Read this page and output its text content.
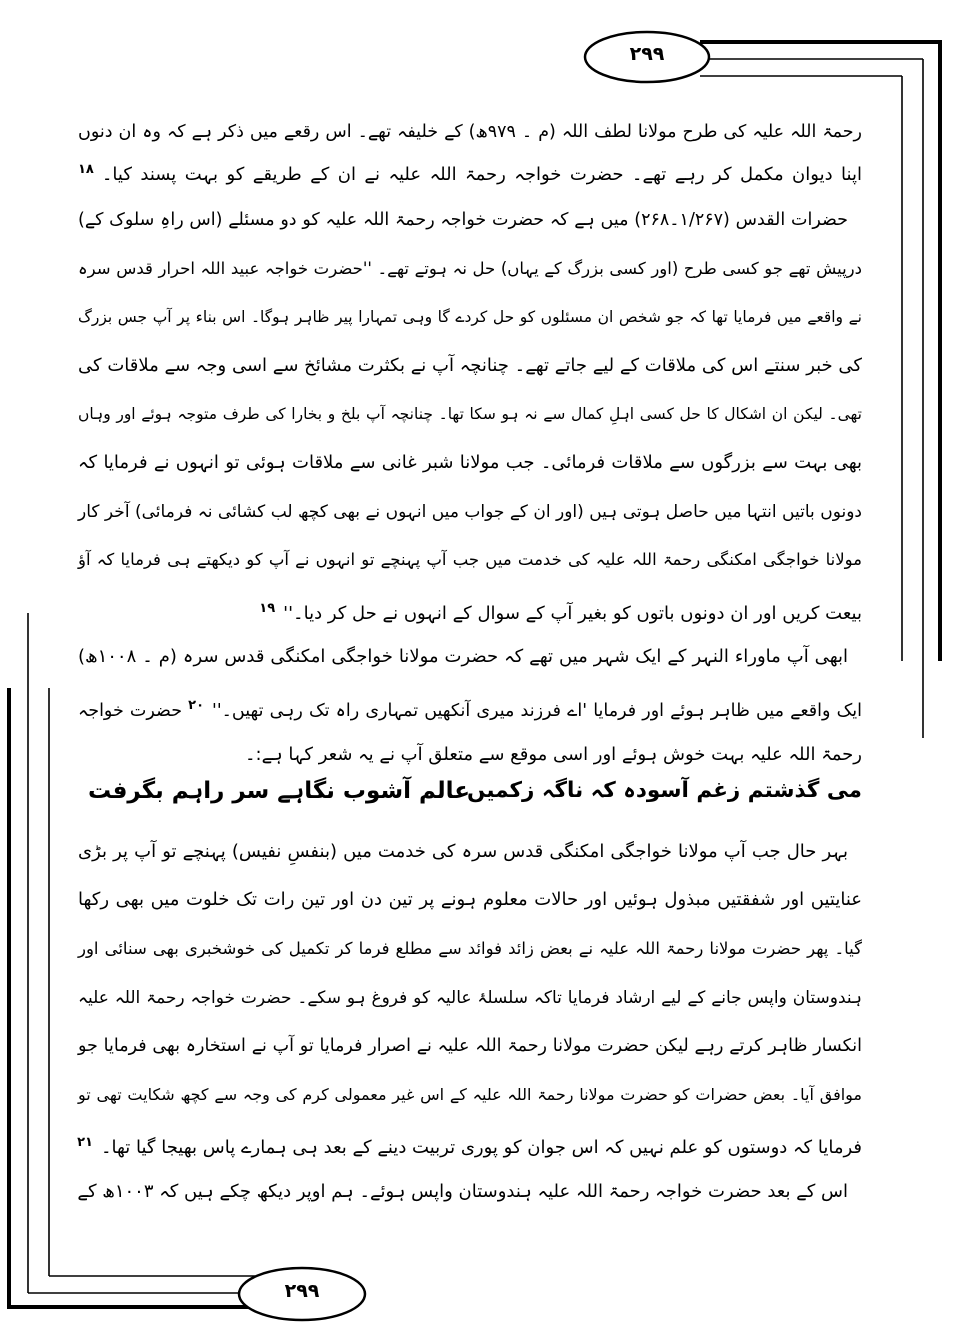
۲۹۹
۲۹۹
رحمۃ اللہ علیہ کی طرح مولانا لطف اللہ (م ۔ ۹۷۹ھ) کے خلیفہ تھے۔ اس رقعے میں ذکر ہے کہ وہ ان دنوں
اپنا دیوان مکمل کر رہے تھے۔ حضرت خواجہ رحمۃ اللہ علیہ نے ان کے طریقے کو بہت پسند کیا۔$^{۱۸}$
حضرات القدس (۱/۲۶۷۔۲۶۸) میں ہے کہ حضرت خواجہ رحمۃ اللہ علیہ کو دو مسئلے (اس راہِ سلوک کے)
درپیش تھے جو کسی طرح (اور کسی بزرگ کے یہاں) حل نہ ہوتے تھے۔ ''حضرت خواجہ عبید اللہ احرار قدس سرہ
نے واقعے میں فرمایا تھا کہ جو شخص ان مسئلوں کو حل کردے گا وہی تمہارا پیر ظاہر ہوگا۔ اس بناء پر آپ جس بزرگ
کی خبر سنتے اس کی ملاقات کے لیے جاتے تھے۔ چنانچہ آپ نے بکثرت مشائخ سے اسی وجہ سے ملاقات کی
تھی۔ لیکن ان اشکال کا حل کسی اہلِ کمال سے نہ ہو سکا تھا۔ چنانچہ آپ بلخ و بخارا کی طرف متوجہ ہوئے اور وہاں
بھی بہت سے بزرگوں سے ملاقات فرمائی۔ جب مولانا شبر غانی سے ملاقات ہوئی تو انہوں نے فرمایا کہ
دونوں باتیں انتہا میں حاصل ہوتی ہیں (اور ان کے جواب میں انہوں نے بھی کچھ لب کشائی نہ فرمائی) آخر کار
مولانا خواجگی امکنگی رحمۃ اللہ علیہ کی خدمت میں جب آپ پہنچے تو انہوں نے آپ کو دیکھتے ہی فرمایا کہ آؤ
بیعت کریں اور ان دونوں باتوں کو بغیر آپ کے سوال کے انہوں نے حل کر دیا۔''$^{۱۹}$
ابھی آپ ماوراء النہر کے ایک شہر میں تھے کہ حضرت مولانا خواجگی امکنگی قدس سرہ (م ۔ ۱۰۰۸ھ)
ایک واقعے میں ظاہر ہوئے اور فرمایا 'اے فرزند میری آنکھیں تمہاری راہ تک رہی تھیں۔''$^{۲۰}$ حضرت خواجہ
رحمۃ اللہ علیہ بہت خوش ہوئے اور اسی موقع سے متعلق آپ نے یہ شعر کہا ہے:۔
می گذشتم زغم آسودہ کہ ناگہ زکمیں
عالم آشوب نگاہے سر راہم بگرفت
بہر حال جب آپ مولانا خواجگی امکنگی قدس سرہ کی خدمت میں (بنفسِ نفیس) پہنچے تو آپ پر بڑی
عنایتیں اور شفقتیں مبذول ہوئیں اور حالات معلوم ہونے پر تین دن اور تین رات تک خلوت میں بھی رکھا
گیا۔ پھر حضرت مولانا رحمۃ اللہ علیہ نے بعض زائد فوائد سے مطلع فرما کر تکمیل کی خوشخبری بھی سنائی اور
ہندوستان واپس جانے کے لیے ارشاد فرمایا تاکہ سلسلۂ عالیہ کو فروغ ہو سکے۔ حضرت خواجہ رحمۃ اللہ علیہ
انکسار ظاہر کرتے رہے لیکن حضرت مولانا رحمۃ اللہ علیہ نے اصرار فرمایا تو آپ نے استخارہ بھی فرمایا جو
موافق آیا۔ بعض حضرات کو حضرت مولانا رحمۃ اللہ علیہ کے اس غیر معمولی کرم کی وجہ سے کچھ شکایت تھی تو
فرمایا کہ دوستوں کو علم نہیں کہ اس جوان کو پوری تربیت دینے کے بعد ہی ہمارے پاس بھیجا گیا تھا۔$^{۲۱}$
اس کے بعد حضرت خواجہ رحمۃ اللہ علیہ ہندوستان واپس ہوئے۔ ہم اوپر دیکھ چکے ہیں کہ ۱۰۰۳ھ کے
